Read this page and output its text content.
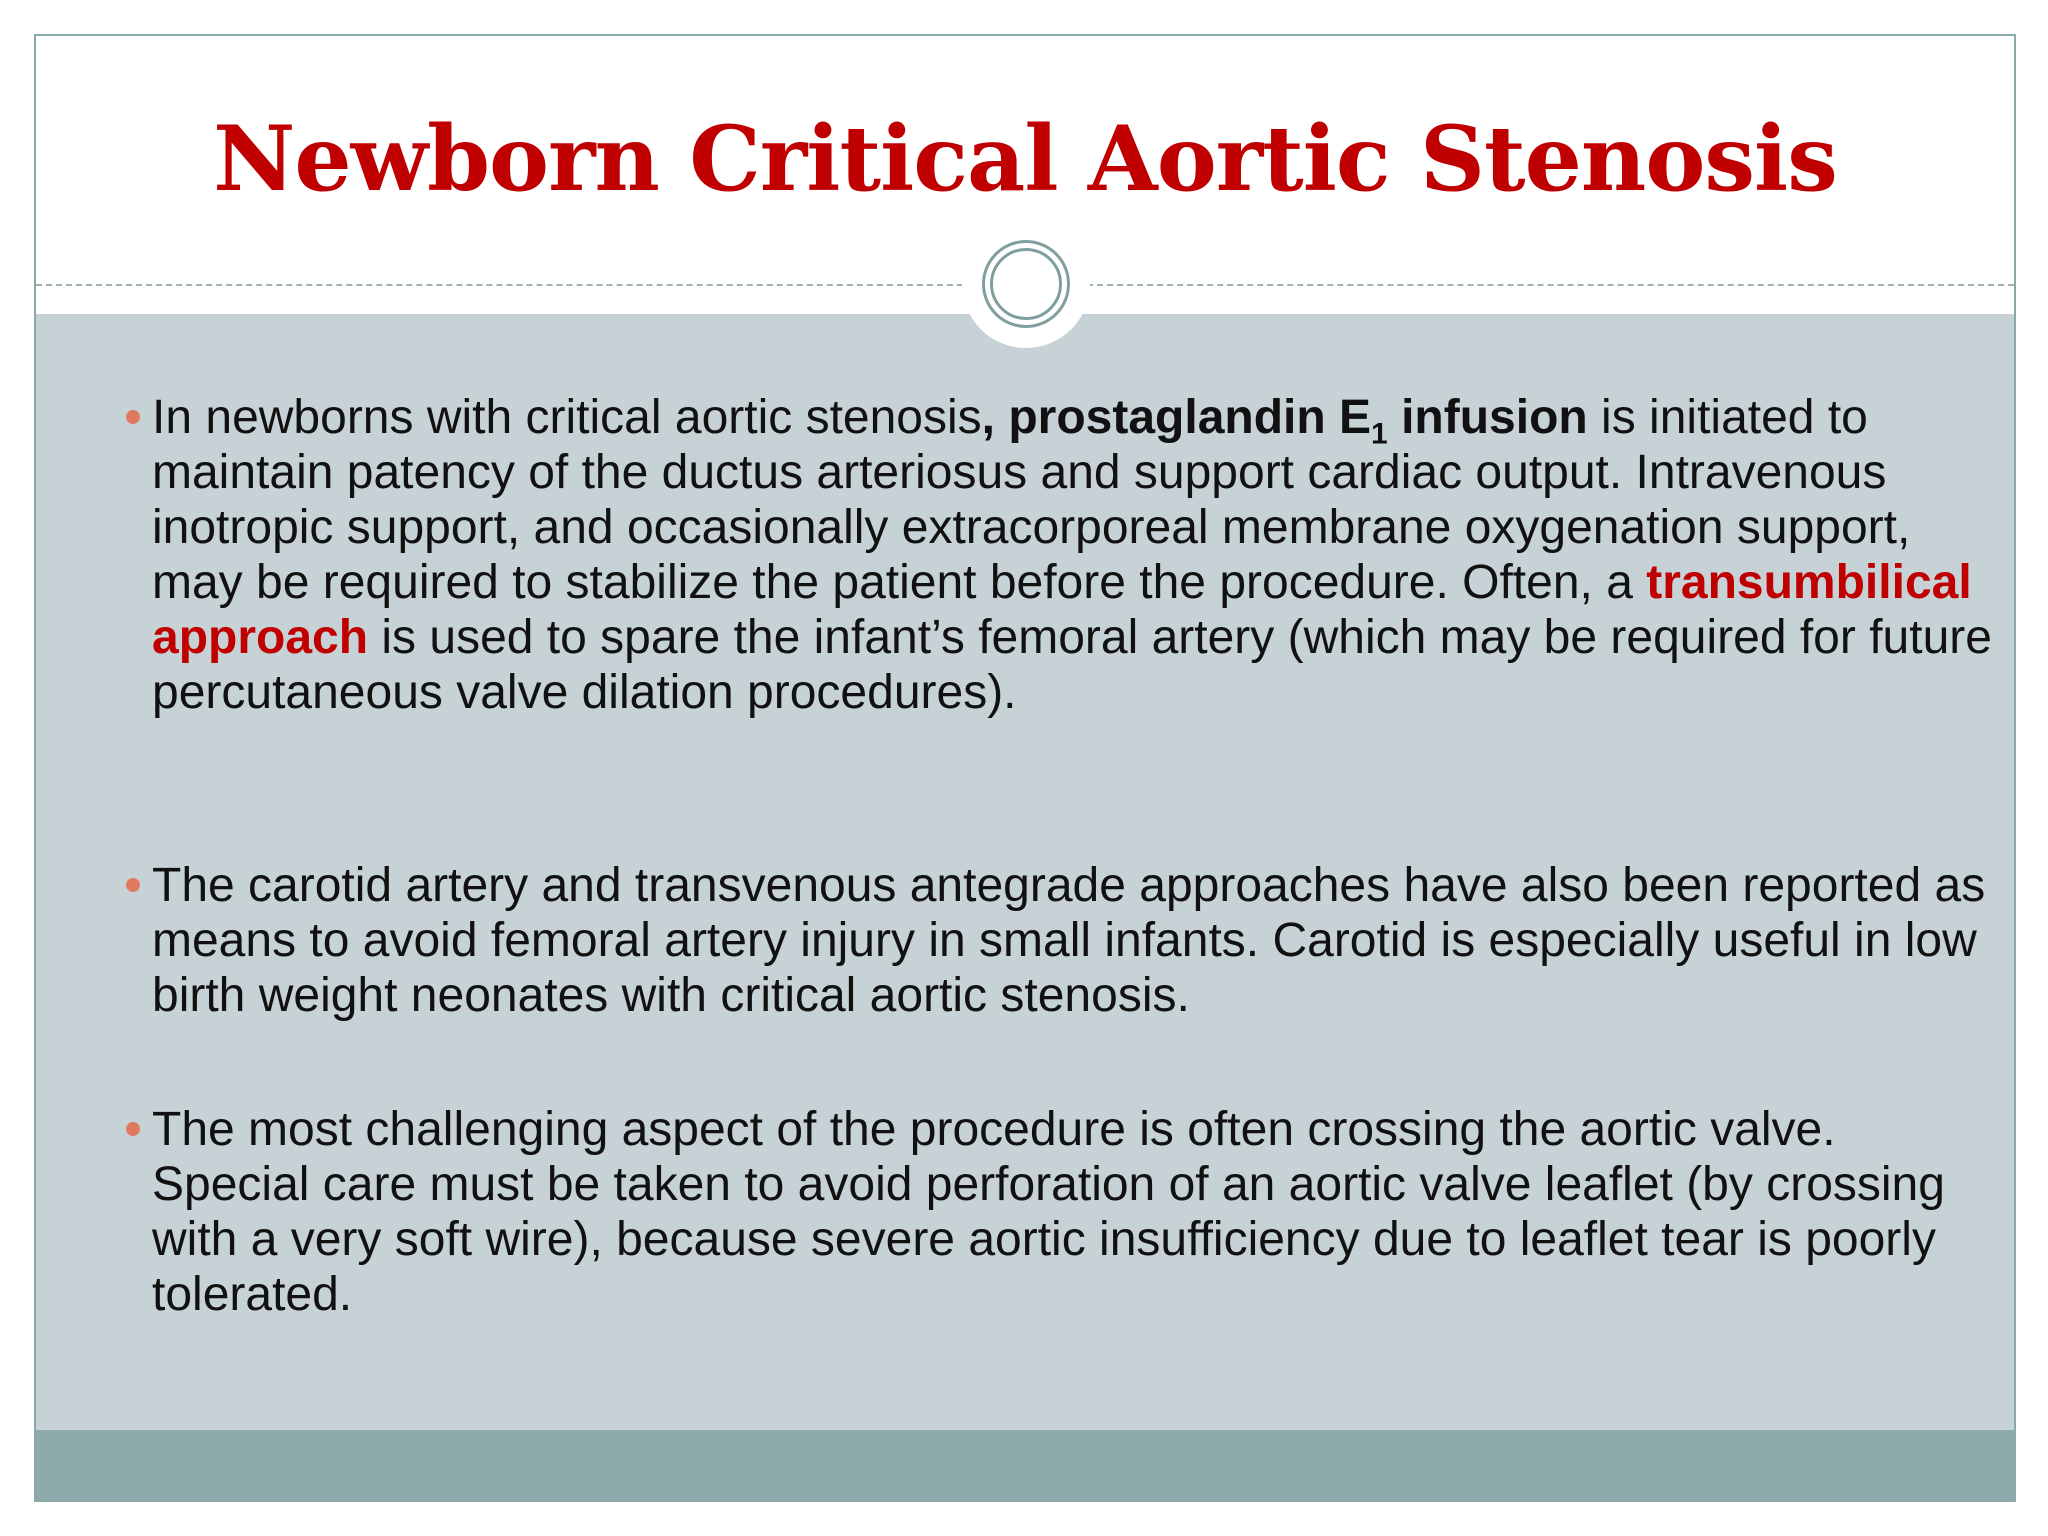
Newborn Critical Aortic Stenosis
In newborns with critical aortic stenosis, prostaglandin $E_1$ infusion is initiated to maintain patency of the ductus arteriosus and support cardiac output. Intravenous inotropic support, and occasionally extracorporeal membrane oxygenation support, may be required to stabilize the patient before the procedure. Often, a transumbilical approach is used to spare the infant’s femoral artery (which may be required for future percutaneous valve dilation procedures).
The carotid artery and transvenous antegrade approaches have also been reported as means to avoid femoral artery injury in small infants. Carotid is especially useful in low birth weight neonates with critical aortic stenosis.
The most challenging aspect of the procedure is often crossing the aortic valve. Special care must be taken to avoid perforation of an aortic valve leaflet (by crossing with a very soft wire), because severe aortic insufficiency due to leaflet tear is poorly tolerated.
